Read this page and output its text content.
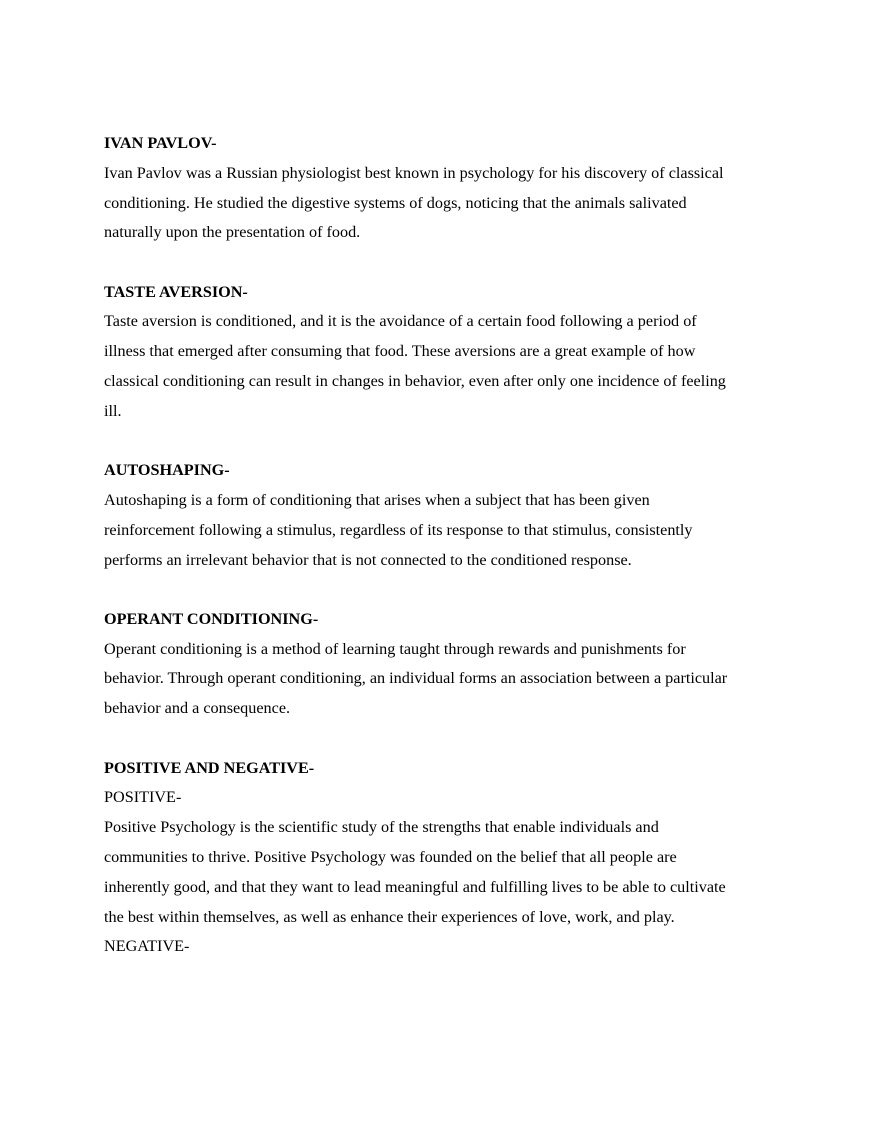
IVAN PAVLOV-

Ivan Pavlov was a Russian physiologist best known in psychology for his discovery of classical
conditioning. He studied the digestive systems of dogs, noticing that the animals salivated
naturally upon the presentation of food.

TASTE AVERSION-

Taste aversion is conditioned, and it is the avoidance of a certain food following a period of
illness that emerged after consuming that food. These aversions are a great example of how
classical conditioning can result in changes in behavior, even after only one incidence of feeling
ill.

AUTOSHAPING-

Autoshaping is a form of conditioning that arises when a subject that has been given
reinforcement following a stimulus, regardless of its response to that stimulus, consistently
performs an irrelevant behavior that is not connected to the conditioned response.

OPERANT CONDITIONING-

Operant conditioning is a method of learning taught through rewards and punishments for
behavior. Through operant conditioning, an individual forms an association between a particular
behavior and a consequence.

POSITIVE AND NEGATIVE-

POSITIVE-

Positive Psychology is the scientific study of the strengths that enable individuals and
communities to thrive. Positive Psychology was founded on the belief that all people are
inherently good, and that they want to lead meaningful and fulfilling lives to be able to cultivate
the best within themselves, as well as enhance their experiences of love, work, and play.

NEGATIVE-
